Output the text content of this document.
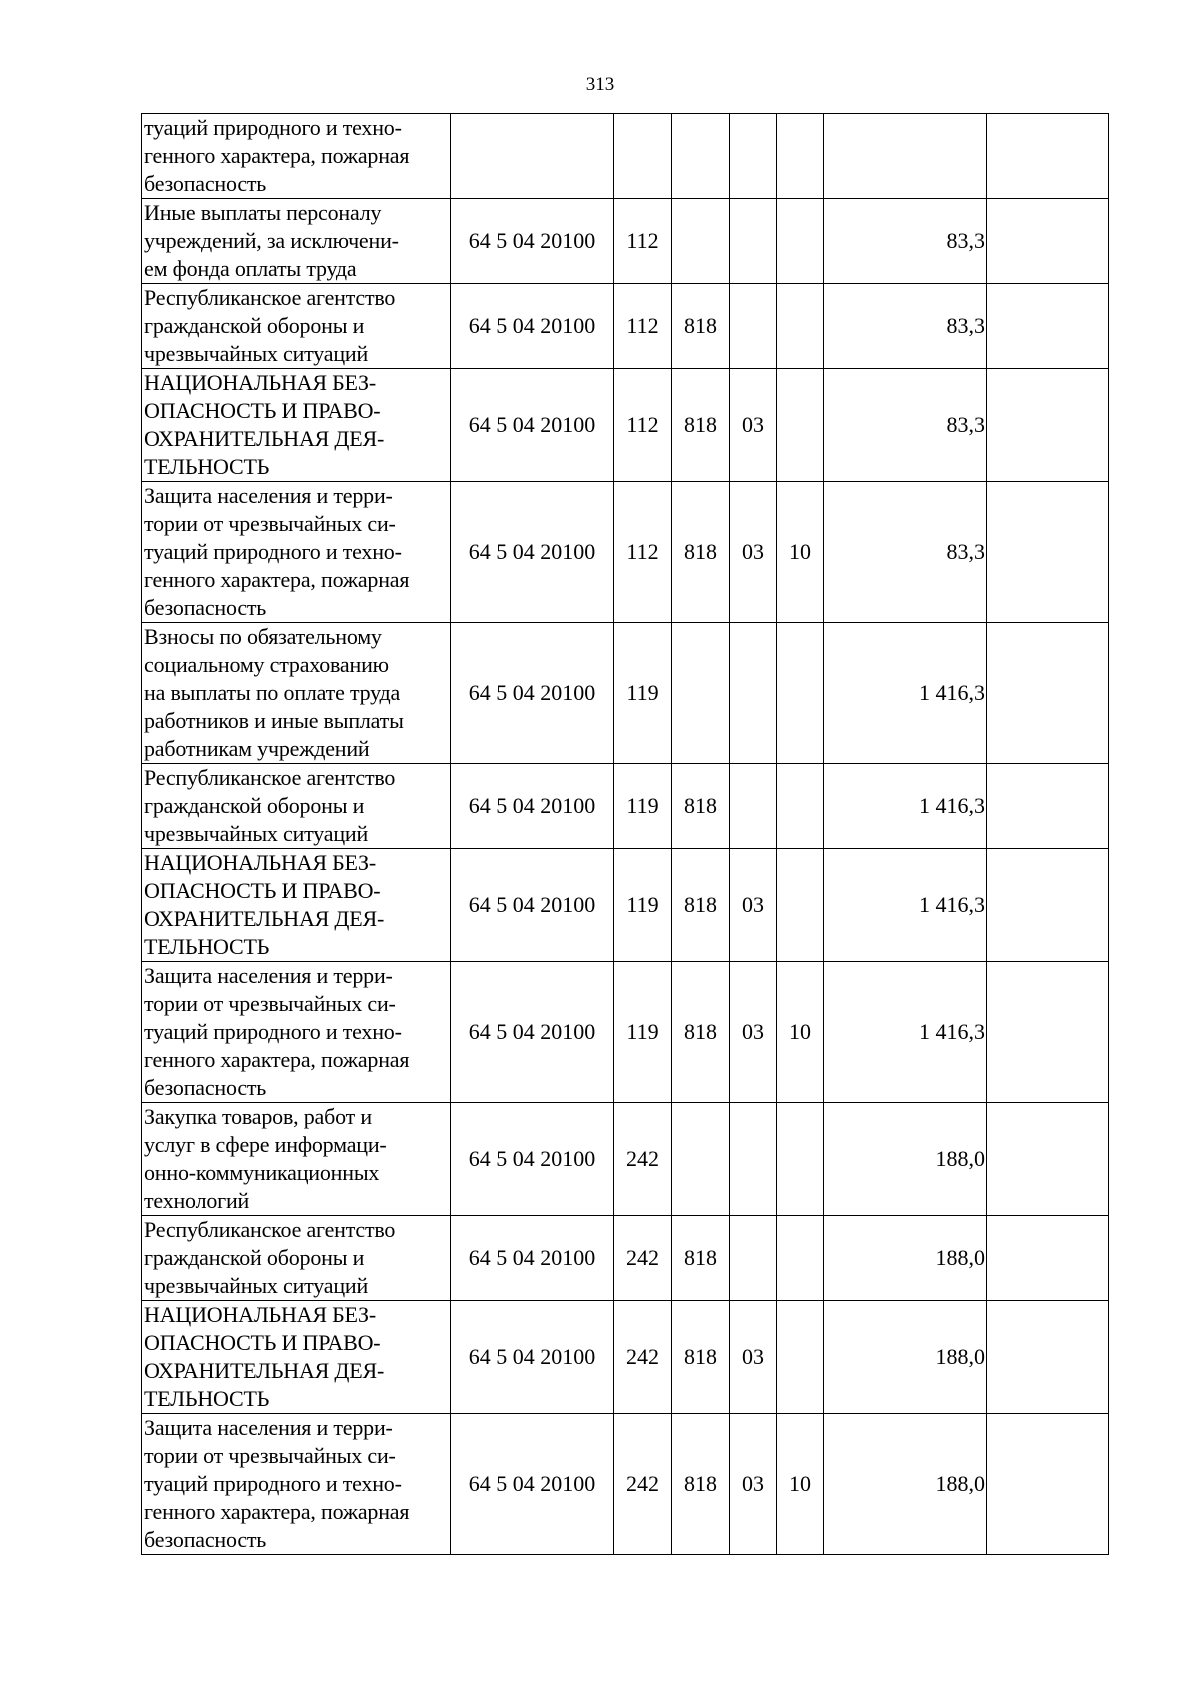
313
туаций природного и техно-
генного характера, пожарная
безопасность							

Иные выплаты персоналу
учреждений, за исключени-
ем фонда оплаты труда	64 5 04 20100	112				83,3	

Республиканское агентство
гражданской обороны и
чрезвычайных ситуаций	64 5 04 20100	112	818			83,3	

НАЦИОНАЛЬНАЯ БЕЗ-
ОПАСНОСТЬ И ПРАВО-
ОХРАНИТЕЛЬНАЯ ДЕЯ-
ТЕЛЬНОСТЬ	64 5 04 20100	112	818	03		83,3	

Защита населения и терри-
тории от чрезвычайных си-
туаций природного и техно-
генного характера, пожарная
безопасность	64 5 04 20100	112	818	03	10	83,3	

Взносы по обязательному
социальному страхованию
на выплаты по оплате труда
работников и иные выплаты
работникам учреждений	64 5 04 20100	119				1 416,3	

Республиканское агентство
гражданской обороны и
чрезвычайных ситуаций	64 5 04 20100	119	818			1 416,3	

НАЦИОНАЛЬНАЯ БЕЗ-
ОПАСНОСТЬ И ПРАВО-
ОХРАНИТЕЛЬНАЯ ДЕЯ-
ТЕЛЬНОСТЬ	64 5 04 20100	119	818	03		1 416,3	

Защита населения и терри-
тории от чрезвычайных си-
туаций природного и техно-
генного характера, пожарная
безопасность	64 5 04 20100	119	818	03	10	1 416,3	

Закупка товаров, работ и
услуг в сфере информаци-
онно-коммуникационных
технологий	64 5 04 20100	242				188,0	

Республиканское агентство
гражданской обороны и
чрезвычайных ситуаций	64 5 04 20100	242	818			188,0	

НАЦИОНАЛЬНАЯ БЕЗ-
ОПАСНОСТЬ И ПРАВО-
ОХРАНИТЕЛЬНАЯ ДЕЯ-
ТЕЛЬНОСТЬ	64 5 04 20100	242	818	03		188,0	

Защита населения и терри-
тории от чрезвычайных си-
туаций природного и техно-
генного характера, пожарная
безопасность	64 5 04 20100	242	818	03	10	188,0	
